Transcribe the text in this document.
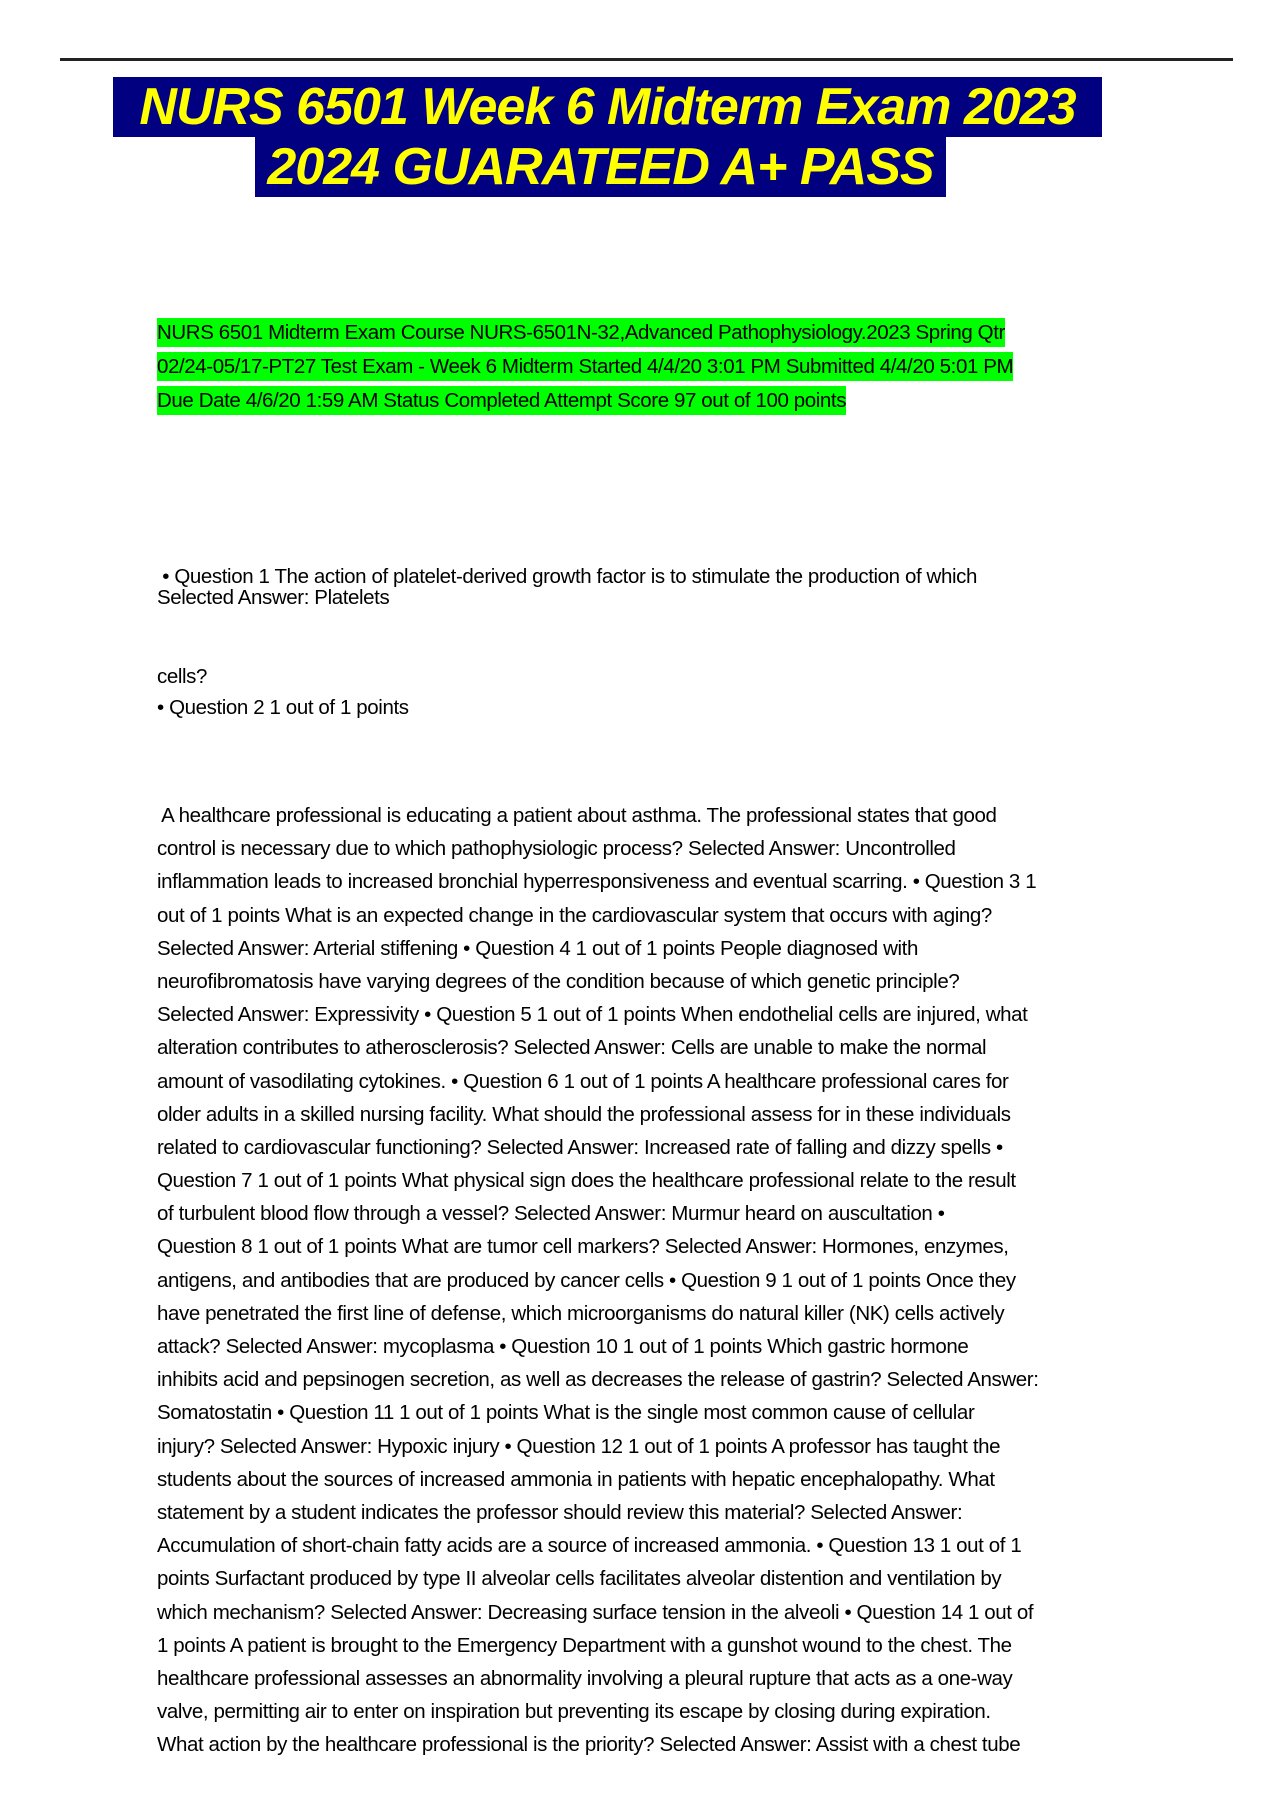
NURS 6501 Week 6 Midterm Exam 2023
2024 GUARATEED A+ PASS
NURS 6501 Midterm Exam Course NURS-6501N-32,Advanced Pathophysiology.2023 Spring Qtr
02/24-05/17-PT27 Test Exam - Week 6 Midterm Started 4/4/20 3:01 PM Submitted 4/4/20 5:01 PM
Due Date 4/6/20 1:59 AM Status Completed Attempt Score 97 out of 100 points

• Question 1 The action of platelet-derived growth factor is to stimulate the production of which

cells?

Selected Answer: Platelets
• Question 2 1 out of 1 points
A healthcare professional is educating a patient about asthma. The professional states that good
control is necessary due to which pathophysiologic process? Selected Answer: Uncontrolled
inflammation leads to increased bronchial hyperresponsiveness and eventual scarring. • Question 3 1
out of 1 points What is an expected change in the cardiovascular system that occurs with aging?
Selected Answer: Arterial stiffening • Question 4 1 out of 1 points People diagnosed with
neurofibromatosis have varying degrees of the condition because of which genetic principle?
Selected Answer: Expressivity • Question 5 1 out of 1 points When endothelial cells are injured, what
alteration contributes to atherosclerosis? Selected Answer: Cells are unable to make the normal
amount of vasodilating cytokines. • Question 6 1 out of 1 points A healthcare professional cares for
older adults in a skilled nursing facility. What should the professional assess for in these individuals
related to cardiovascular functioning? Selected Answer: Increased rate of falling and dizzy spells •
Question 7 1 out of 1 points What physical sign does the healthcare professional relate to the result
of turbulent blood flow through a vessel? Selected Answer: Murmur heard on auscultation •
Question 8 1 out of 1 points What are tumor cell markers? Selected Answer: Hormones, enzymes,
antigens, and antibodies that are produced by cancer cells • Question 9 1 out of 1 points Once they
have penetrated the first line of defense, which microorganisms do natural killer (NK) cells actively
attack? Selected Answer: mycoplasma • Question 10 1 out of 1 points Which gastric hormone
inhibits acid and pepsinogen secretion, as well as decreases the release of gastrin? Selected Answer:
Somatostatin • Question 11 1 out of 1 points What is the single most common cause of cellular
injury? Selected Answer: Hypoxic injury • Question 12 1 out of 1 points A professor has taught the
students about the sources of increased ammonia in patients with hepatic encephalopathy. What
statement by a student indicates the professor should review this material? Selected Answer:
Accumulation of short-chain fatty acids are a source of increased ammonia. • Question 13 1 out of 1
points Surfactant produced by type II alveolar cells facilitates alveolar distention and ventilation by
which mechanism? Selected Answer: Decreasing surface tension in the alveoli • Question 14 1 out of
1 points A patient is brought to the Emergency Department with a gunshot wound to the chest. The
healthcare professional assesses an abnormality involving a pleural rupture that acts as a one-way
valve, permitting air to enter on inspiration but preventing its escape by closing during expiration.
What action by the healthcare professional is the priority? Selected Answer: Assist with a chest tube
